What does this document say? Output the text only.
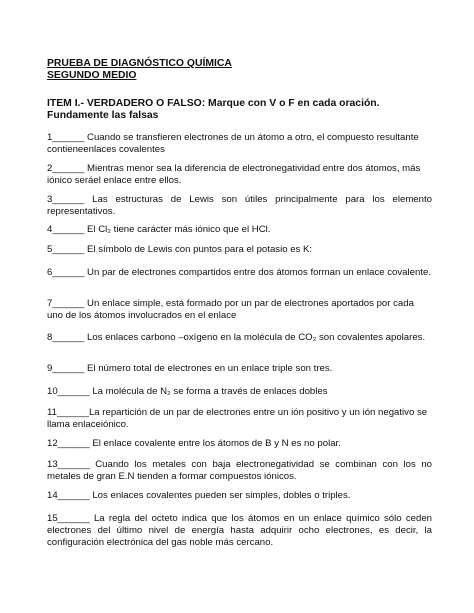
PRUEBA DE DIAGNÓSTICO QUÍMICA
SEGUNDO MEDIO
ITEM I.- VERDADERO O FALSO: Marque con V o F en cada oración. Fundamente las falsas
1______ Cuando se transfieren electrones de un átomo a otro, el compuesto resultante contieneenlaces covalentes
2______ Mientras menor sea la diferencia de electronegatividad entre dos átomos, más iónico seráel enlace entre ellos.
3______ Las estructuras de Lewis son útiles principalmente para los elemento representativos.
4______ El Cl₂ tiene carácter más iónico que el HCl.
5______ El símbolo de Lewis con puntos para el potasio es K:
6______ Un par de electrones compartidos entre dos átomos forman un enlace covalente.
7______ Un enlace simple, está formado por un par de electrones aportados por cada uno de los átomos involucrados en el enlace
8______ Los enlaces carbono –oxígeno en la molécula de CO₂ son covalentes apolares.
9______ El número total de electrones en un enlace triple son tres.
10______ La molécula de N₂ se forma a través de enlaces dobles
11______La repartición de un par de electrones entre un ión positivo y un ión negativo se llama enlaceiónico.
12______ El enlace covalente entre los átomos de B y N es no polar.
13______ Cuando los metales con baja electronegatividad se combinan con los no metales de gran E.N tienden a formar compuestos iónicos.
14______ Los enlaces covalentes pueden ser simples, dobles o triples.
15______ La regla del octeto indica que los átomos en un enlace químico sólo ceden electrones del último nivel de energía hasta adquirir ocho electrones, es decir, la configuración electrónica del gas noble más cercano.
